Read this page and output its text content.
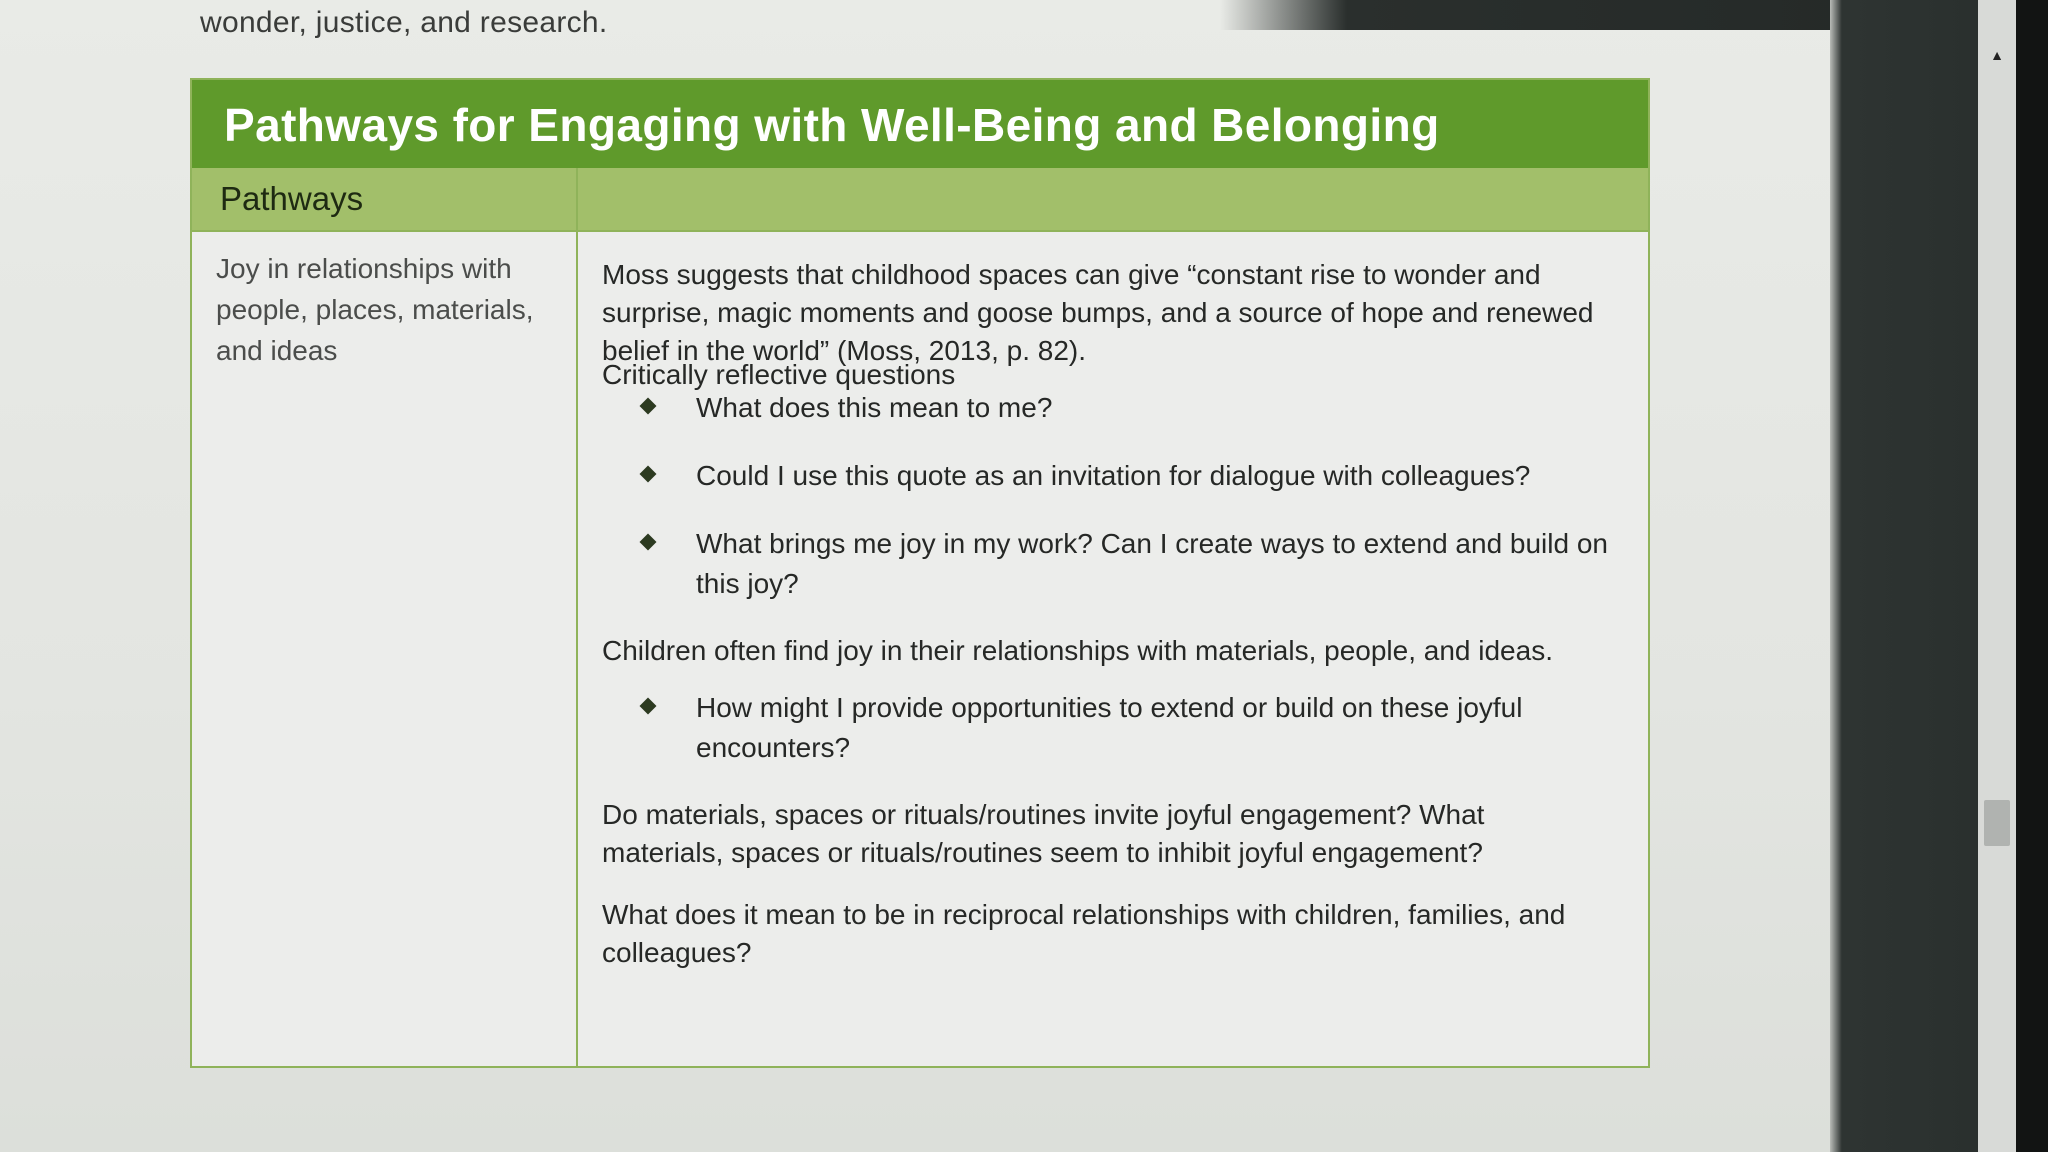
wonder, justice, and research.
Pathways for Engaging with Well-Being and Belonging
Pathways
Critically reflective questions
Joy in relationships with people, places, materials, and ideas

Moss suggests that childhood spaces can give “constant rise to wonder and surprise, magic moments and goose bumps, and a source of hope and renewed belief in the world” (Moss, 2013, p. 82).

What does this mean to me?
Could I use this quote as an invitation for dialogue with colleagues?
What brings me joy in my work? Can I create ways to extend and build on this joy?

Children often find joy in their relationships with materials, people, and ideas.

How might I provide opportunities to extend or build on these joyful encounters?

Do materials, spaces or rituals/routines invite joyful engagement? What materials, spaces or rituals/routines seem to inhibit joyful engagement?

What does it mean to be in reciprocal relationships with children, families, and colleagues?

▲
